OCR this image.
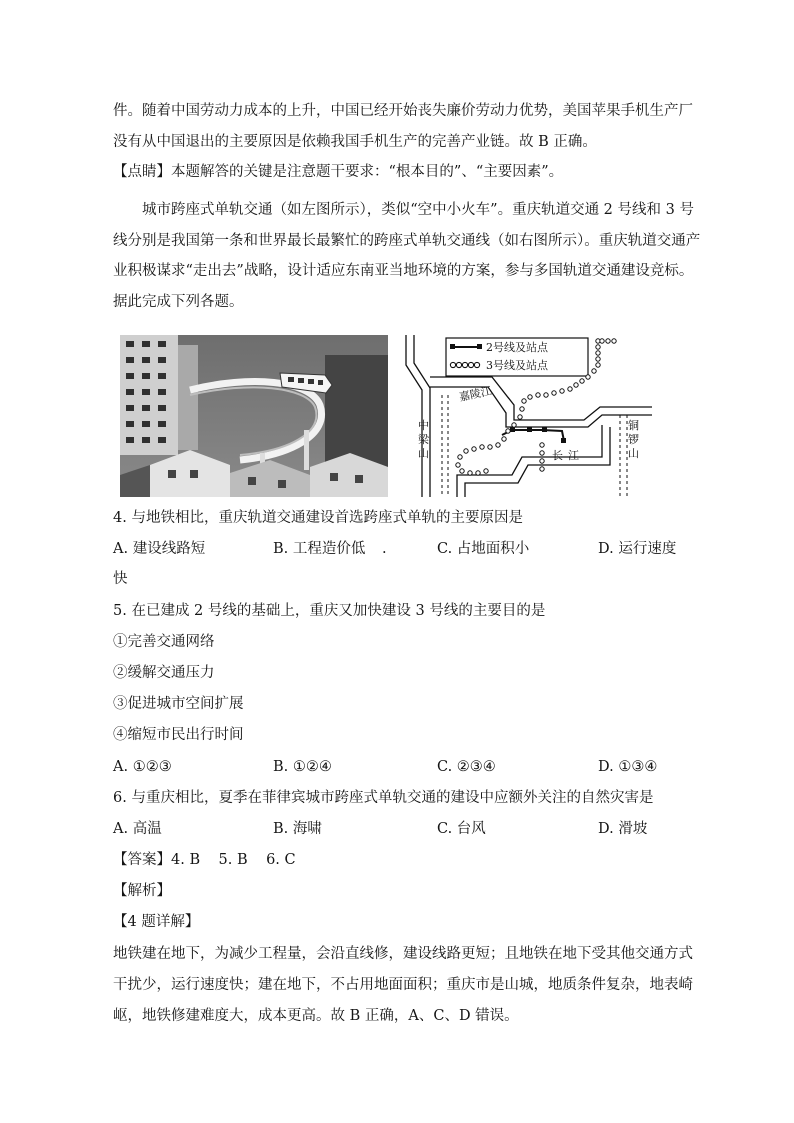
件。随着中国劳动力成本的上升，中国已经开始丧失廉价劳动力优势，美国苹果手机生产厂
没有从中国退出的主要原因是依赖我国手机生产的完善产业链。故 B 正确。
【点睛】本题解答的关键是注意题干要求：“根本目的”、“主要因素”。
城市跨座式单轨交通（如左图所示），类似“空中小火车”。重庆轨道交通 2 号线和 3 号
线分别是我国第一条和世界最长最繁忙的跨座式单轨交通线（如右图所示）。重庆轨道交通产
业积极谋求“走出去”战略，设计适应东南亚当地环境的方案，参与多国轨道交通建设竞标。
据此完成下列各题。
2号线及站点
3号线及站点
嘉陵江
中
梁
山	长 江
铜
锣
山
4. 与地铁相比，重庆轨道交通建设首选跨座式单轨的主要原因是
A. 建设线路短	B. 工程造价低 .	C. 占地面积小	D. 运行速度
快
5. 在已建成 2 号线的基础上，重庆又加快建设 3 号线的主要目的是
①完善交通网络
②缓解交通压力
③促进城市空间扩展
④缩短市民出行时间
A. ①②③	B. ①②④	C. ②③④	D. ①③④
6. 与重庆相比，夏季在菲律宾城市跨座式单轨交通的建设中应额外关注的自然灾害是
A. 高温	B. 海啸	C. 台风	D. 滑坡
【答案】4. B    5. B    6. C
【解析】
【4 题详解】
地铁建在地下，为减少工程量，会沿直线修，建设线路更短；且地铁在地下受其他交通方式
干扰少，运行速度快；建在地下，不占用地面面积；重庆市是山城，地质条件复杂，地表崎
岖，地铁修建难度大，成本更高。故 B 正确，A、C、D 错误。
